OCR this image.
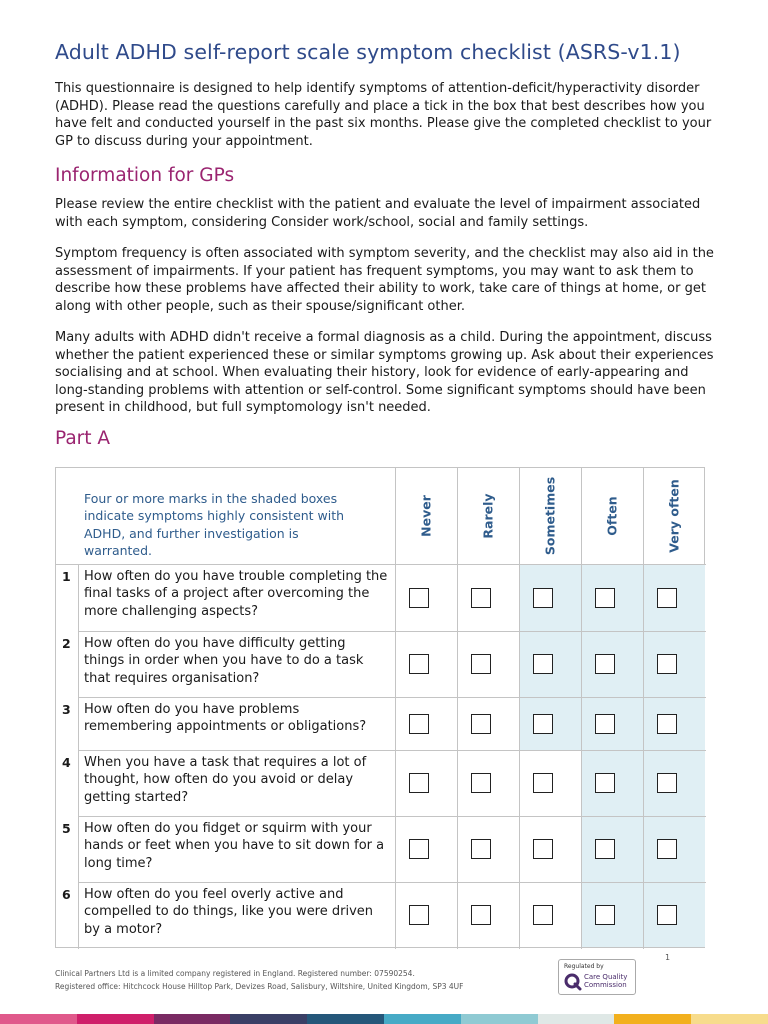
Adult ADHD self-report scale symptom checklist (ASRS-v1.1)
This questionnaire is designed to help identify symptoms of attention-deficit/hyperactivity disorder (ADHD). Please read the questions carefully and place a tick in the box that best describes how you have felt and conducted yourself in the past six months. Please give the completed checklist to your GP to discuss during your appointment.
Information for GPs
Please review the entire checklist with the patient and evaluate the level of impairment associated with each symptom, considering Consider work/school, social and family settings.
Symptom frequency is often associated with symptom severity, and the checklist may also aid in the assessment of impairments. If your patient has frequent symptoms, you may want to ask them to describe how these problems have affected their ability to work, take care of things at home, or get along with other people, such as their spouse/significant other.
Many adults with ADHD didn't receive a formal diagnosis as a child. During the appointment, discuss whether the patient experienced these or similar symptoms growing up. Ask about their experiences socialising and at school. When evaluating their history, look for evidence of early-appearing and long-standing problems with attention or self-control. Some significant symptoms should have been present in childhood, but full symptomology isn't needed.
Part A
Four or more marks in the shaded boxes indicate symptoms highly consistent with ADHD, and further investigation is warranted.
Never	Rarely	Sometimes	Often	Very often
1	How often do you have trouble completing the final tasks of a project after overcoming the more challenging aspects?
2	How often do you have difficulty getting things in order when you have to do a task that requires organisation?
3	How often do you have problems remembering appointments or obligations?
4	When you have a task that requires a lot of thought, how often do you avoid or delay getting started?
5	How often do you fidget or squirm with your hands or feet when you have to sit down for a long time?
6	How often do you feel overly active and compelled to do things, like you were driven by a motor?
Clinical Partners Ltd is a limited company registered in England. Registered number: 07590254.
Registered office: Hitchcock House Hilltop Park, Devizes Road, Salisbury, Wiltshire, United Kingdom, SP3 4UF
1
Regulated by
Care Quality
Commission
